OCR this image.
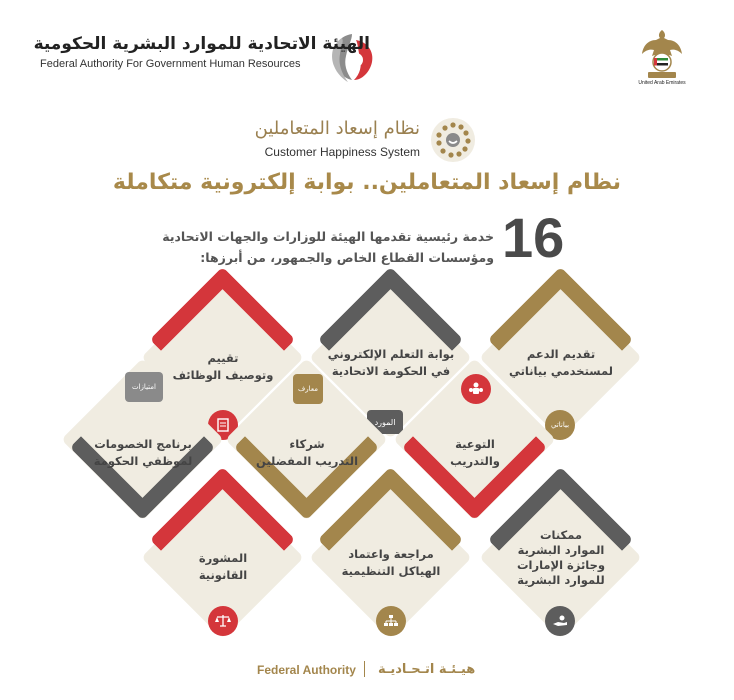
الهيئة الاتحادية للموارد البشرية الحكومية
Federal Authority For Government Human Resources
United Arab Emirates
نظام إسعاد المتعاملين
Customer Happiness System
نظام إسعاد المتعاملين.. بوابة إلكترونية متكاملة
16
خدمة رئيسية تقدمها الهيئة للوزارات والجهات الاتحادية
ومؤسسات القطاع الخاص والجمهور، من أبرزها:
تقديم الدعم
لمستخدمي بياناتي
بياناتي
بوابة التعلم الإلكتروني
في الحكومة الاتحادية
المورد
تقييم
وتوصيف الوظائف
التوعية
والتدريب
شركاء
التدريب المفضلين
معارف
برنامج الخصومات
لموظفي الحكومة
امتيازات
ممكنات
الموارد البشرية
وجائزة الإمارات
للموارد البشرية
مراجعة واعتماد
الهياكل التنظيمية
المشورة
القانونية
Federal Authority هيـئـة اتـحـاديـة
